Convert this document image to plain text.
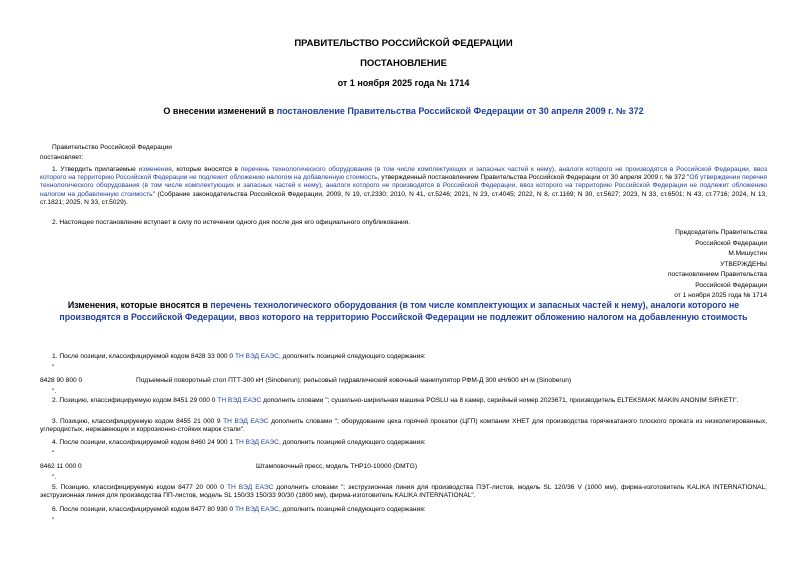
ПРАВИТЕЛЬСТВО РОССИЙСКОЙ ФЕДЕРАЦИИ
ПОСТАНОВЛЕНИЕ
от 1 ноября 2025 года № 1714
О внесении изменений в постановление Правительства Российской Федерации от 30 апреля 2009 г. № 372
Правительство Российской Федерации
постановляет:
1. Утвердить прилагаемые изменения, которые вносятся в перечень технологического оборудования (в том числе комплектующих и запасных частей к нему), аналоги которого не производятся в Российской Федерации, ввоз которого на территорию Российской Федерации не подлежит обложению налогом на добавленную стоимость, утвержденный постановлением Правительства Российской Федерации от 30 апреля 2009 г. № 372 "Об утверждении перечня технологического оборудования (в том числе комплектующих и запасных частей к нему), аналоги которого не производятся в Российской Федерации, ввоз которого на территорию Российской Федерации не подлежит обложению налогом на добавленную стоимость" (Собрание законодательства Российской Федерации, 2009, N 19, ст.2330; 2010, N 41, ст.5246; 2021, N 23, ст.4045; 2022, N 8, ст.1169; N 30, ст.5627; 2023, N 33, ст.6501; N 43, ст.7716; 2024, N 13, ст.1821; 2025, N 33, ст.5029).
2. Настоящее постановление вступает в силу по истечении одного дня после дня его официального опубликования.
Председатель Правительства
Российской Федерации
М.Мишустин
УТВЕРЖДЕНЫ
постановлением Правительства
Российской Федерации
от 1 ноября 2025 года № 1714
Изменения, которые вносятся в перечень технологического оборудования (в том числе комплектующих и запасных частей к нему), аналоги которого не производятся в Российской Федерации, ввоз которого на территорию Российской Федерации не подлежит обложению налогом на добавленную стоимость
1. После позиции, классифицируемой кодом 8428 33 000 0 ТН ВЭД ЕАЭС, дополнить позицией следующего содержания:
"
8428 90 800 0	Подъемный поворотный стол ПТТ-300 кН (Sinoberun); рельсовый гидравлический ковочный манипулятор РФМ-Д 300 кН/600 кН·м (Sinoberun)
".
2. Позицию, классифицируемую кодом 8451 29 000 0 ТН ВЭД ЕАЭС дополнить словами "; сушильно-ширильная машина POSLU на 8 камер, серийный номер 2023671, производитель ELTEKSMAK MAKIN ANONIM SIRKETI".
3. Позицию, классифицируемую кодом 8455 21 000 9 ТН ВЭД ЕАЭС дополнить словами "; оборудование цеха горячей прокатки (ЦГП) компании XHET для производства горячекатаного плоского проката из низколегированных, углеродистых, нержавеющих и коррозионно-стойких марок стали".
4. После позиции, классифицируемой кодом 8460 24 900 1 ТН ВЭД ЕАЭС, дополнить позицией следующего содержания:
"
8462 11 000 0	Штамповочный пресс, модель THP10-10000 (DMTG)
".
5. Позицию, классифицируемую кодом 8477 20 000 0 ТН ВЭД ЕАЭС дополнить словами "; экструзионная линия для производства ПЭТ-листов, модель SL 120/36 V (1000 мм), фирма-изготовитель KALIKA INTERNATIONAL; экструзионная линия для производства ПП-листов, модель SL 150/33 150/33 90/30 (1800 мм), фирма-изготовитель KALIKA INTERNATIONAL".
6. После позиции, классифицируемой кодом 8477 80 930 0 ТН ВЭД ЕАЭС, дополнить позицией следующего содержания:
"
